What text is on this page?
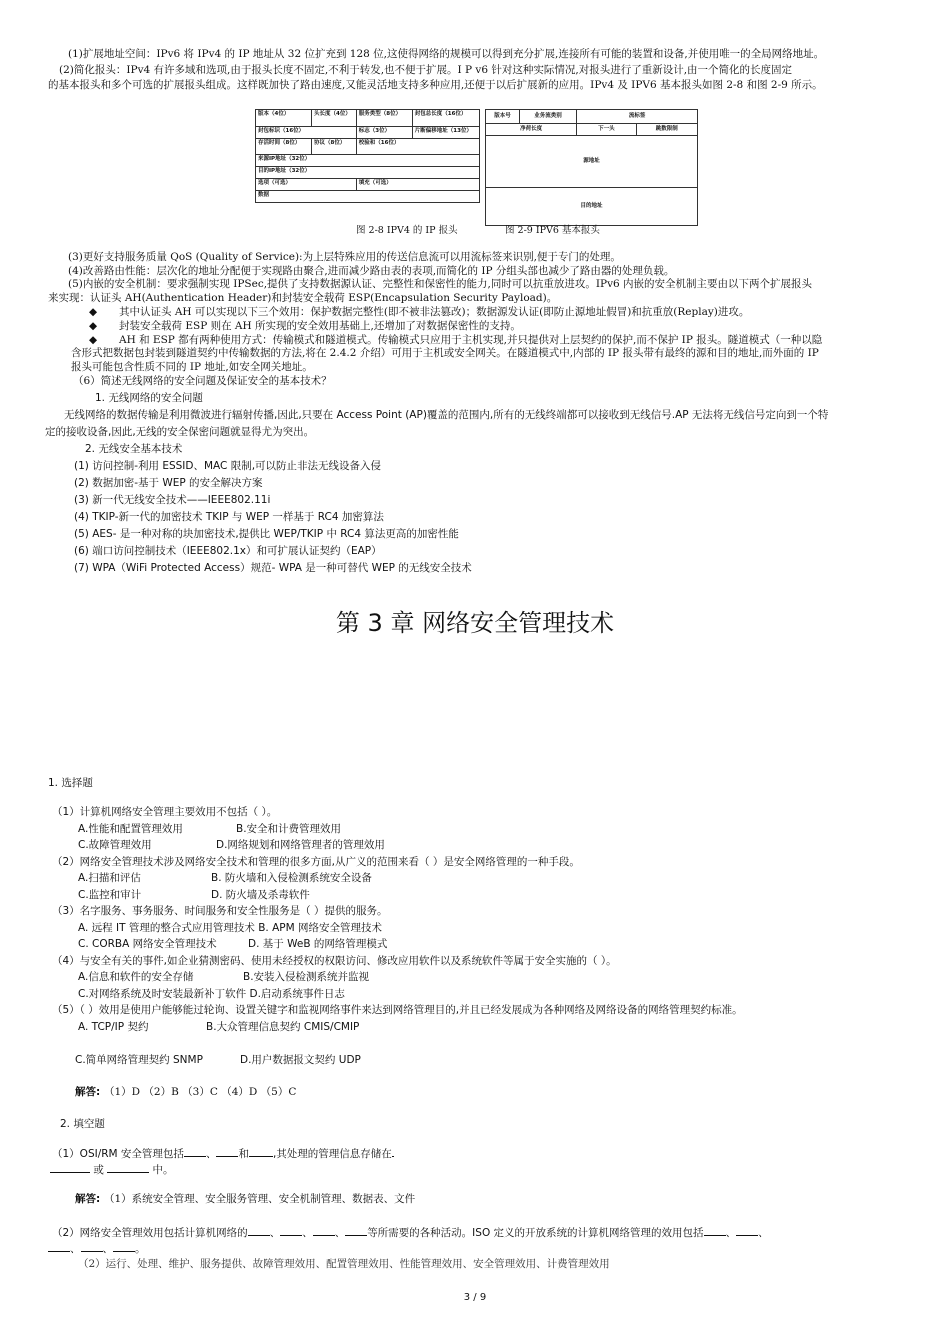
(1)扩展地址空间：IPv6 将 IPv4 的 IP 地址从 32 位扩充到 128 位,这使得网络的规模可以得到充分扩展,连接所有可能的装置和设备,并使用唯一的全局网络地址。
(2)简化报头：IPv4 有许多域和选项,由于报头长度不固定,不利于转发,也不便于扩展。I P v6 针对这种实际情况,对报头进行了重新设计,由一个简化的长度固定
的基本报头和多个可选的扩展报头组成。这样既加快了路由速度,又能灵活地支持多种应用,还便于以后扩展新的应用。IPv4 及 IPV6 基本报头如图 2-8 和图 2-9 所示。
版本（4位）	头长度（4位）	服务类型（8位）	封包总长度（16位）
封包标识（16位）		标志（3位）	片断偏移地址（13位）
存活时间（8位）	协议（8位）	校验和（16位）	
来源IP地址（32位）			
目的IP地址（32位）			
选项（可选）		填充（可选）	
数据			
版本号	业务流类别	流标签	
净荷长度		下一头	跳数限制
源地址			
目的地址			
图 2-8 IPV4 的 IP 报头	图 2-9 IPV6 基本报头
(3)更好支持服务质量 QoS (Quality of Service):为上层特殊应用的传送信息流可以用流标签来识别,便于专门的处理。
(4)改善路由性能：层次化的地址分配便于实现路由聚合,进而减少路由表的表项,而简化的 IP 分组头部也减少了路由器的处理负载。
(5)内嵌的安全机制：要求强制实现 IPSec,提供了支持数据源认证、完整性和保密性的能力,同时可以抗重放进攻。IPv6 内嵌的安全机制主要由以下两个扩展报头
来实现：认证头 AH(Authentication Header)和封装安全载荷 ESP(Encapsulation Security Payload)。
◆ 其中认证头 AH 可以实现以下三个效用：保护数据完整性(即不被非法篡改)；数据源发认证(即防止源地址假冒)和抗重放(Replay)进攻。
◆ 封装安全载荷 ESP 则在 AH 所实现的安全效用基础上,还增加了对数据保密性的支持。
◆ AH 和 ESP 都有两种使用方式：传输模式和隧道模式。传输模式只应用于主机实现,并只提供对上层契约的保护,而不保护 IP 报头。隧道模式（一种以隐
含形式把数据包封装到隧道契约中传输数据的方法,将在 2.4.2 介绍）可用于主机或安全网关。在隧道模式中,内部的 IP 报头带有最终的源和目的地址,而外面的 IP
报头可能包含性质不同的 IP 地址,如安全网关地址。
（6）简述无线网络的安全问题及保证安全的基本技术？
1. 无线网络的安全问题
无线网络的数据传输是利用微波进行辐射传播,因此,只要在 Access Point (AP)覆盖的范围内,所有的无线终端都可以接收到无线信号.AP 无法将无线信号定向到一个特
定的接收设备,因此,无线的安全保密问题就显得尤为突出。
2. 无线安全基本技术
(1) 访问控制-利用 ESSID、MAC 限制,可以防止非法无线设备入侵
(2) 数据加密-基于 WEP 的安全解决方案
(3) 新一代无线安全技术——IEEE802.11i
(4) TKIP-新一代的加密技术 TKIP 与 WEP 一样基于 RC4 加密算法
(5) AES- 是一种对称的块加密技术,提供比 WEP/TKIP 中 RC4 算法更高的加密性能
(6) 端口访问控制技术（IEEE802.1x）和可扩展认证契约（EAP）
(7) WPA（WiFi Protected Access）规范- WPA 是一种可替代 WEP 的无线安全技术
第 3 章 网络安全管理技术
1. 选择题
（1）计算机网络安全管理主要效用不包括（ ）。
A.性能和配置管理效用	B.安全和计费管理效用
C.故障管理效用	D.网络规划和网络管理者的管理效用
（2）网络安全管理技术涉及网络安全技术和管理的很多方面,从广义的范围来看（ ）是安全网络管理的一种手段。
A.扫描和评估	B. 防火墙和入侵检测系统安全设备
C.监控和审计	D. 防火墙及杀毒软件
（3）名字服务、事务服务、时间服务和安全性服务是（ ）提供的服务。
A. 远程 IT 管理的整合式应用管理技术 B. APM 网络安全管理技术
C. CORBA 网络安全管理技术	D. 基于 WeB 的网络管理模式
（4）与安全有关的事件,如企业猜测密码、使用未经授权的权限访问、修改应用软件以及系统软件等属于安全实施的（ ）。
A.信息和软件的安全存储	B.安装入侵检测系统并监视
C.对网络系统及时安装最新补丁软件 D.启动系统事件日志
（5）（ ）效用是使用户能够能过轮询、设置关键字和监视网络事件来达到网络管理目的,并且已经发展成为各种网络及网络设备的网络管理契约标准。
A. TCP/IP 契约	B.大众管理信息契约 CMIS/CMIP
C.简单网络管理契约 SNMP	D.用户数据报文契约 UDP
解答: （1）D （2）B （3）C （4）D （5）C
2. 填空题
（1）OSI/RM 安全管理包括 、 和 ,其处理的管理信息存储在
或	中。
解答: （1）系统安全管理、安全服务管理、安全机制管理、数据表、文件
（2）网络安全管理效用包括计算机网络的 、 、 、 等所需要的各种活动。ISO 定义的开放系统的计算机网络管理的效用包括 、 、
、 、 。
（2）运行、处理、维护、服务提供、故障管理效用、配置管理效用、性能管理效用、安全管理效用、计费管理效用
3 / 9
